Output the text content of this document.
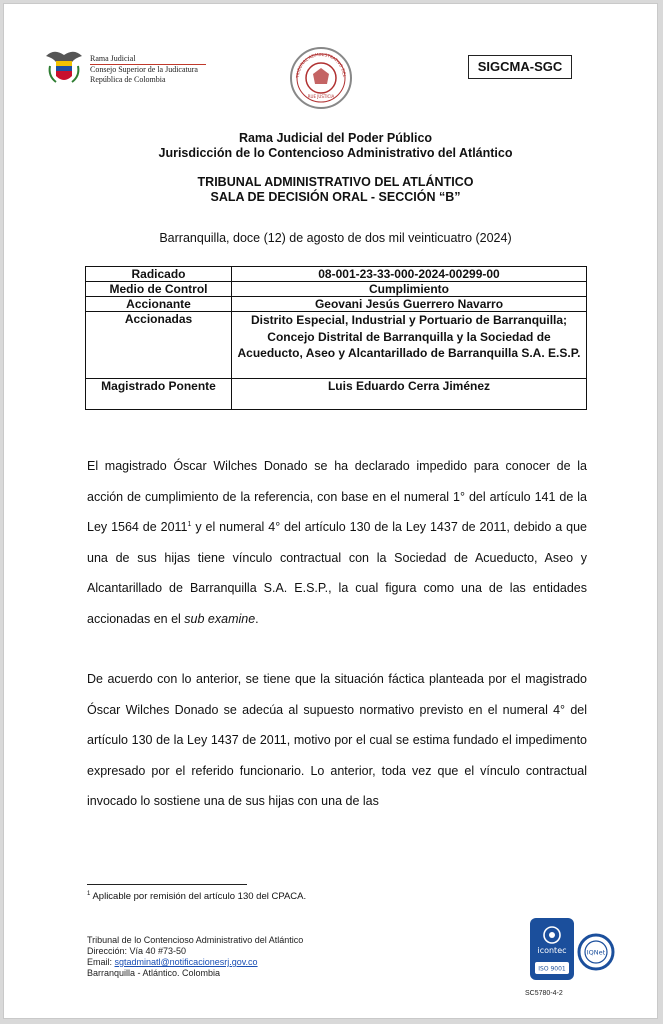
Rama Judicial
Consejo Superior de la Judicatura
República de Colombia	TRIBUNAL ADMINISTRATIVO DEL
RUE JUSTICIA
SIGCMA-SGC
Rama Judicial del Poder Público
Jurisdicción de lo Contencioso Administrativo del Atlántico
TRIBUNAL ADMINISTRATIVO DEL ATLÁNTICO
SALA DE DECISIÓN ORAL - SECCIÓN “B”
Barranquilla, doce (12) de agosto de dos mil veinticuatro (2024)
Radicado	08-001-23-33-000-2024-00299-00
Medio de Control	Cumplimiento
Accionante	Geovani Jesús Guerrero Navarro
Accionadas	Distrito Especial, Industrial y Portuario de Barranquilla; Concejo Distrital de Barranquilla y la Sociedad de Acueducto, Aseo y Alcantarillado de Barranquilla S.A. E.S.P.
Magistrado Ponente	Luis Eduardo Cerra Jiménez

El magistrado Óscar Wilches Donado se ha declarado impedido para conocer de la acción de cumplimiento de la referencia, con base en el numeral 1° del artículo 141 de la Ley 1564 de 2011$^1$ y el numeral 4° del artículo 130 de la Ley 1437 de 2011, debido a que una de sus hijas tiene vínculo contractual con la Sociedad de Acueducto, Aseo y Alcantarillado de Barranquilla S.A. E.S.P., la cual figura como una de las entidades accionadas en el sub examine.

De acuerdo con lo anterior, se tiene que la situación fáctica planteada por el magistrado Óscar Wilches Donado se adecúa al supuesto normativo previsto en el numeral 4° del artículo 130 de la Ley 1437 de 2011, motivo por el cual se estima fundado el impedimento expresado por el referido funcionario. Lo anterior, toda vez que el vínculo contractual invocado lo sostiene una de sus hijas con una de las

$^1$ Aplicable por remisión del artículo 130 del CPACA.
Tribunal de lo Contencioso Administrativo del Atlántico
Dirección: Vía 40 #73-50
Email: sgtadminatl@notificacionesrj.gov.co
Barranquilla - Atlántico. Colombia
icontec
ISO 9001
IQNet
SC5780-4-2
